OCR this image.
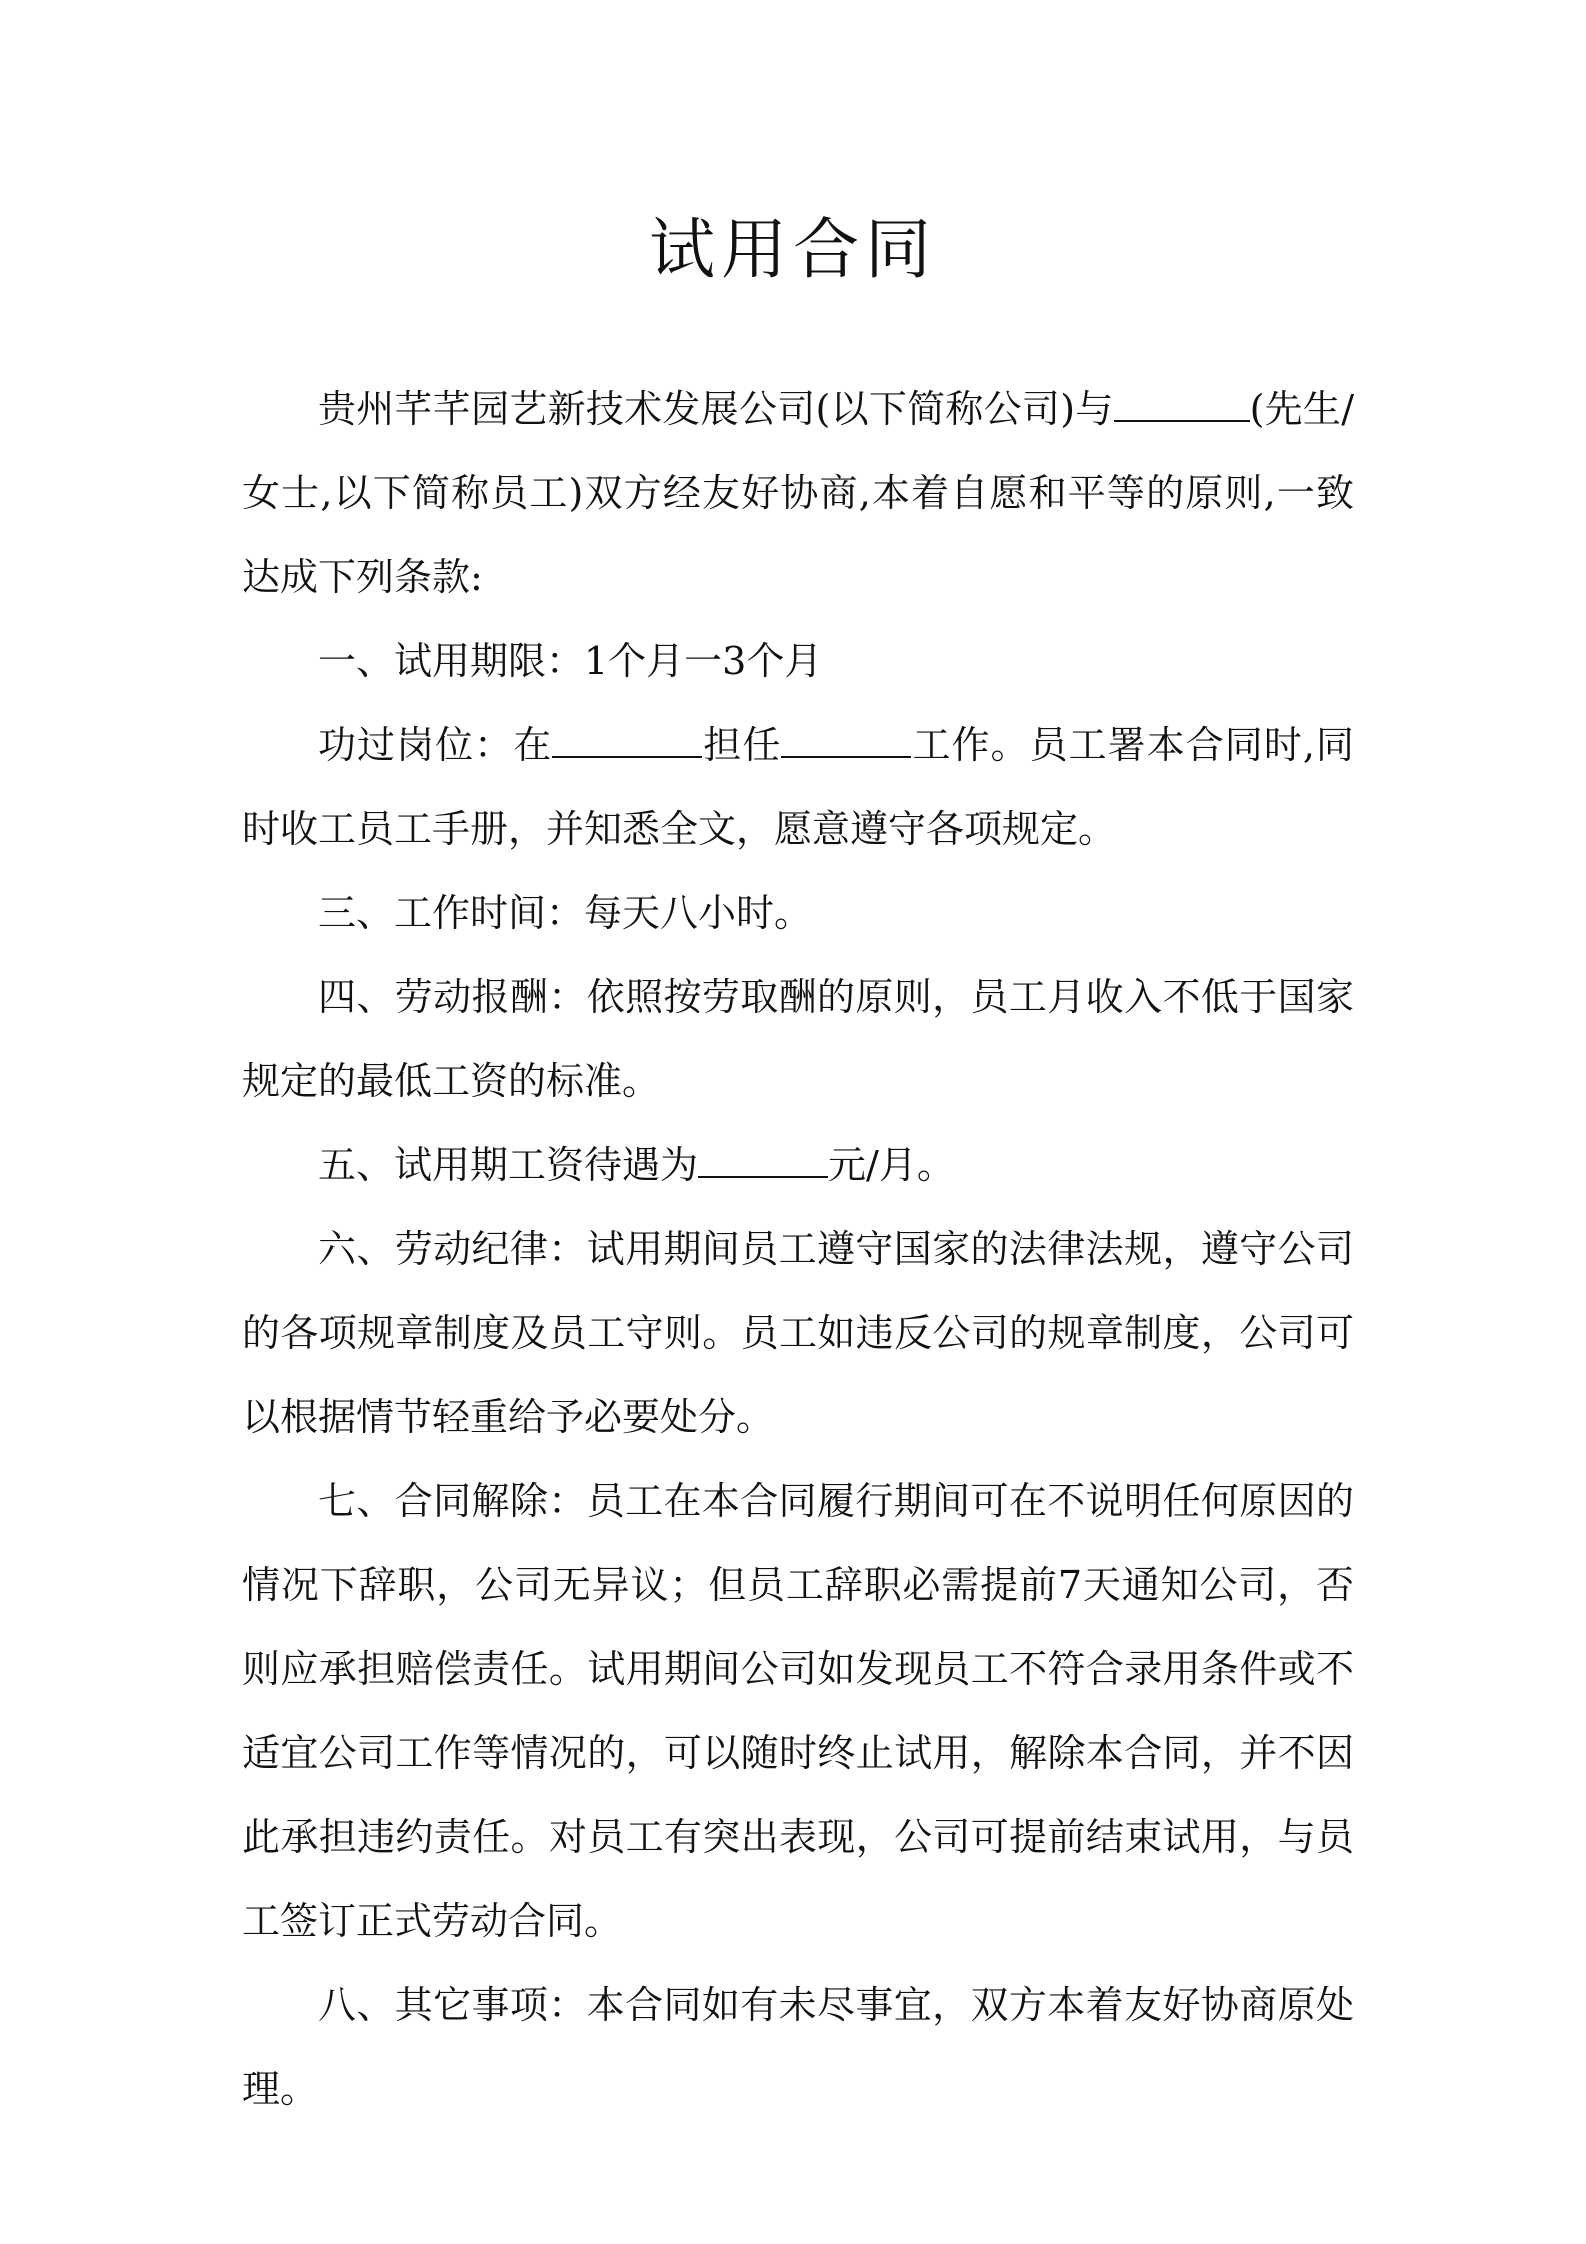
试用合同

贵州芊芊园艺新技术发展公司(以下简称公司)与	(先生/女士,以下简称员工)双方经友好协商,本着自愿和平等的原则,一致达成下列条款:

一、试用期限：1个月一3个月

功过岗位：在	担任	工作。员工署本合同时,同时收工员工手册，并知悉全文，愿意遵守各项规定。

三、工作时间：每天八小时。

四、劳动报酬：依照按劳取酬的原则，员工月收入不低于国家规定的最低工资的标准。

五、试用期工资待遇为	元/月。

六、劳动纪律：试用期间员工遵守国家的法律法规，遵守公司的各项规章制度及员工守则。员工如违反公司的规章制度，公司可以根据情节轻重给予必要处分。

七、合同解除：员工在本合同履行期间可在不说明任何原因的情况下辞职，公司无异议；但员工辞职必需提前7天通知公司，否则应承担赔偿责任。试用期间公司如发现员工不符合录用条件或不适宜公司工作等情况的，可以随时终止试用，解除本合同，并不因此承担违约责任。对员工有突出表现，公司可提前结束试用，与员工签订正式劳动合同。

八、其它事项：本合同如有未尽事宜，双方本着友好协商原处理。
